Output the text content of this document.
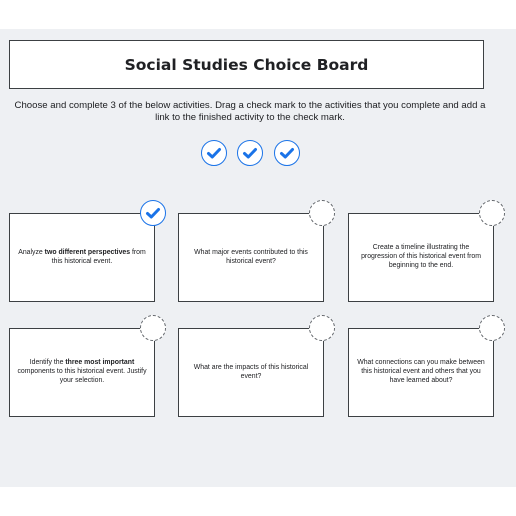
Social Studies Choice Board
Choose and complete 3 of the below activities. Drag a check mark to the activities that you complete and add a link to the finished activity to the check mark.
Analyze two different perspectives from this historical event.
What major events contributed to this historical event?
Create a timeline illustrating the progression of this historical event from beginning to the end.
Identify the three most important components to this historical event. Justify your selection.
What are the impacts of this historical event?
What connections can you make between this historical event and others that you have learned about?
